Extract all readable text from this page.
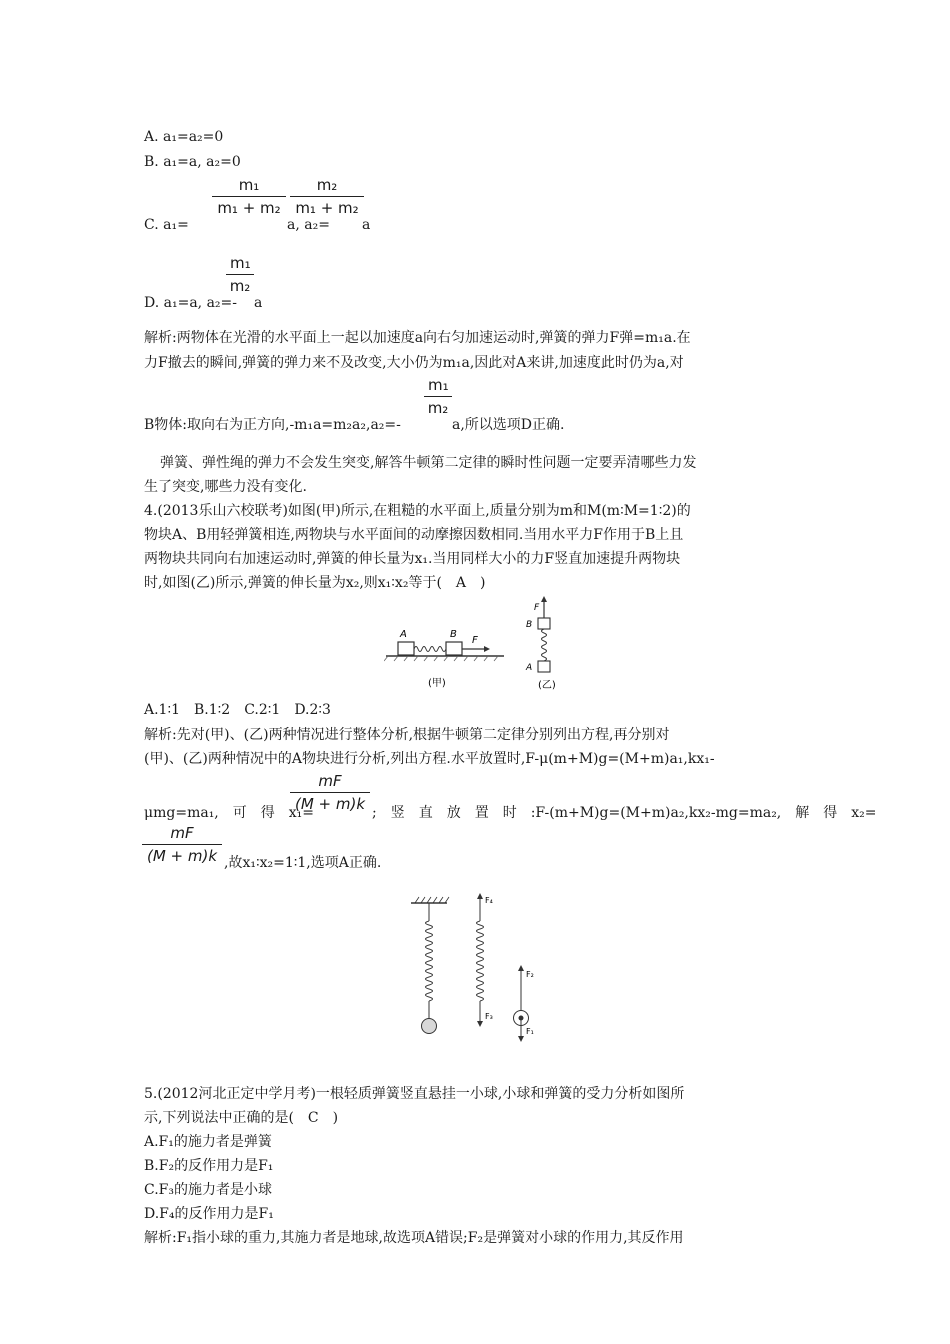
A. a₁=a₂=0
B. a₁=a, a₂=0
$\frac{\text{m₁}}{\text{m₁ + m₂}} \frac{\text{m₂}}{\text{m₁ + m₂}}$
C. a₁=	a, a₂= a
$\frac{\text{m₁}}{\text{m₂}}$
D. a₁=a, a₂=- a
解析:两物体在光滑的水平面上一起以加速度a向右匀加速运动时,弹簧的弹力F弹=m₁a.在
力F撤去的瞬间,弹簧的弹力来不及改变,大小仍为m₁a,因此对A来讲,加速度此时仍为a,对
$\frac{\text{m₁}}{\text{m₂}}$
B物体:取向右为正方向,-m₁a=m₂a₂,a₂=-	a,所以选项D正确.
弹簧、弹性绳的弹力不会发生突变,解答牛顿第二定律的瞬时性问题一定要弄清哪些力发
生了突变,哪些力没有变化.
4.(2013乐山六校联考)如图(甲)所示,在粗糙的水平面上,质量分别为m和M(m∶M=1∶2)的
物块A、B用轻弹簧相连,两物块与水平面间的动摩擦因数相同.当用水平力F作用于B上且
两物块共同向右加速运动时,弹簧的伸长量为x₁.当用同样大小的力F竖直加速提升两物块
时,如图(乙)所示,弹簧的伸长量为x₂,则x₁∶x₂等于(　A　)
A	B
F
(甲)
F
B
A
(乙)
A.1∶1　B.1∶2　C.2∶1　D.2∶3
解析:先对(甲)、(乙)两种情况进行整体分析,根据牛顿第二定律分别列出方程,再分别对
(甲)、(乙)两种情况中的A物块进行分析,列出方程.水平放置时,F-μ(m+M)g=(M+m)a₁,kx₁-
$\frac{mF}{(M + m)k}$
μmg=ma₁,　可　得　x₁=	;　竖　直　放　置　时　:F-(m+M)g=(M+m)a₂,kx₂-mg=ma₂,　解　得　x₂=
$\frac{mF}{(M + m)k}$ ,故x₁∶x₂=1∶1,选项A正确.
F₄
F₃
F₂
F₁
5.(2012河北正定中学月考)一根轻质弹簧竖直悬挂一小球,小球和弹簧的受力分析如图所
示,下列说法中正确的是(　C　)
A.F₁的施力者是弹簧
B.F₂的反作用力是F₁
C.F₃的施力者是小球
D.F₄的反作用力是F₁
解析:F₁指小球的重力,其施力者是地球,故选项A错误;F₂是弹簧对小球的作用力,其反作用
